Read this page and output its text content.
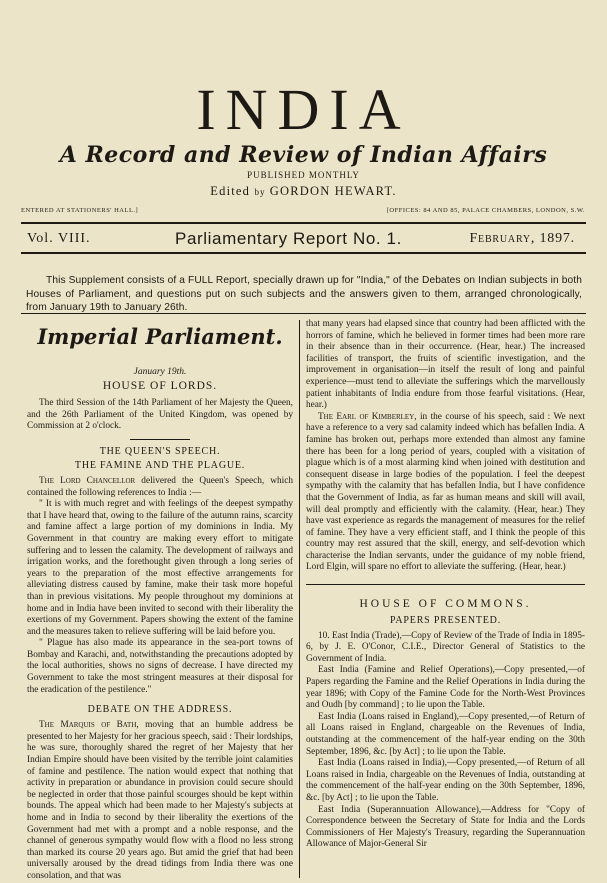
INDIA
A Record and Review of Indian Affairs
PUBLISHED MONTHLY
Edited by GORDON HEWART.
ENTERED AT STATIONERS' HALL.]	[OFFICES: 84 AND 85, PALACE CHAMBERS, LONDON, S.W.
Vol. VIII.	Parliamentary Report No. 1.	February, 1897.

This Supplement consists of a FULL Report, specially drawn up for "India," of the Debates on Indian subjects in both Houses of Parliament, and questions put on such subjects and the answers given to them, arranged chronologically, from January 19th to January 26th.

Imperial Parliament.
January 19th.
HOUSE OF LORDS.

The third Session of the 14th Parliament of her Majesty the Queen, and the 26th Parliament of the United Kingdom, was opened by Commission at 2 o'clock.

THE QUEEN'S SPEECH.
THE FAMINE AND THE PLAGUE.

The Lord Chancellor delivered the Queen's Speech, which contained the following references to India :—

" It is with much regret and with feelings of the deepest sympathy that I have heard that, owing to the failure of the autumn rains, scarcity and famine affect a large portion of my dominions in India. My Government in that country are making every effort to mitigate suffering and to lessen the calamity. The development of railways and irrigation works, and the forethought given through a long series of years to the preparation of the most effective arrangements for alleviating distress caused by famine, make their task more hopeful than in previous visitations. My people throughout my dominions at home and in India have been invited to second with their liberality the exertions of my Government. Papers showing the extent of the famine and the measures taken to relieve suffering will be laid before you.

" Plague has also made its appearance in the sea-port towns of Bombay and Karachi, and, notwithstanding the precautions adopted by the local authorities, shows no signs of decrease. I have directed my Government to take the most stringent measures at their disposal for the eradication of the pestilence."

DEBATE ON THE ADDRESS.

The Marquis of Bath, moving that an humble address be presented to her Majesty for her gracious speech, said : Their lordships, he was sure, thoroughly shared the regret of her Majesty that her Indian Empire should have been visited by the terrible joint calamities of famine and pestilence. The nation would expect that nothing that activity in preparation or abundance in provision could secure should be neglected in order that those painful scourges should be kept within bounds. The appeal which had been made to her Majesty's subjects at home and in India to second by their liberality the exertions of the Government had met with a prompt and a noble response, and the channel of generous sympathy would flow with a flood no less strong than marked its course 20 years ago. But amid the grief that had been universally aroused by the dread tidings from India there was one consolation, and that was

that many years had elapsed since that country had been afflicted with the horrors of famine, which he believed in former times had been more rare in their absence than in their occurrence. (Hear, hear.) The increased facilities of transport, the fruits of scientific investigation, and the improvement in organisation—in itself the result of long and painful experience—must tend to alleviate the sufferings which the marvellously patient inhabitants of India endure from those fearful visitations. (Hear, hear.)

The Earl of Kimberley, in the course of his speech, said : We next have a reference to a very sad calamity indeed which has befallen India. A famine has broken out, perhaps more extended than almost any famine there has been for a long period of years, coupled with a visitation of plague which is of a most alarming kind when joined with destitution and consequent disease in large bodies of the population. I feel the deepest sympathy with the calamity that has befallen India, but I have confidence that the Government of India, as far as human means and skill will avail, will deal promptly and efficiently with the calamity. (Hear, hear.) They have vast experience as regards the management of measures for the relief of famine. They have a very efficient staff, and I think the people of this country may rest assured that the skill, energy, and self-devotion which characterise the Indian servants, under the guidance of my noble friend, Lord Elgin, will spare no effort to alleviate the suffering. (Hear, hear.)

HOUSE OF COMMONS.
PAPERS PRESENTED.

10. East India (Trade),—Copy of Review of the Trade of India in 1895-6, by J. E. O'Conor, C.I.E., Director General of Statistics to the Government of India.

East India (Famine and Relief Operations),—Copy presented,—of Papers regarding the Famine and the Relief Operations in India during the year 1896; with Copy of the Famine Code for the North-West Provinces and Oudh [by command] ; to lie upon the Table.

East India (Loans raised in England),—Copy presented,—of Return of all Loans raised in England, chargeable on the Revenues of India, outstanding at the commencement of the half-year ending on the 30th September, 1896, &c. [by Act] ; to lie upon the Table.

East India (Loans raised in India),—Copy presented,—of Return of all Loans raised in India, chargeable on the Revenues of India, outstanding at the commencement of the half-year ending on the 30th September, 1896, &c. [by Act] ; to lie upon the Table.

East India (Superannuation Allowance),—Address for "Copy of Correspondence between the Secretary of State for India and the Lords Commissioners of Her Majesty's Treasury, regarding the Superannuation Allowance of Major-General Sir
